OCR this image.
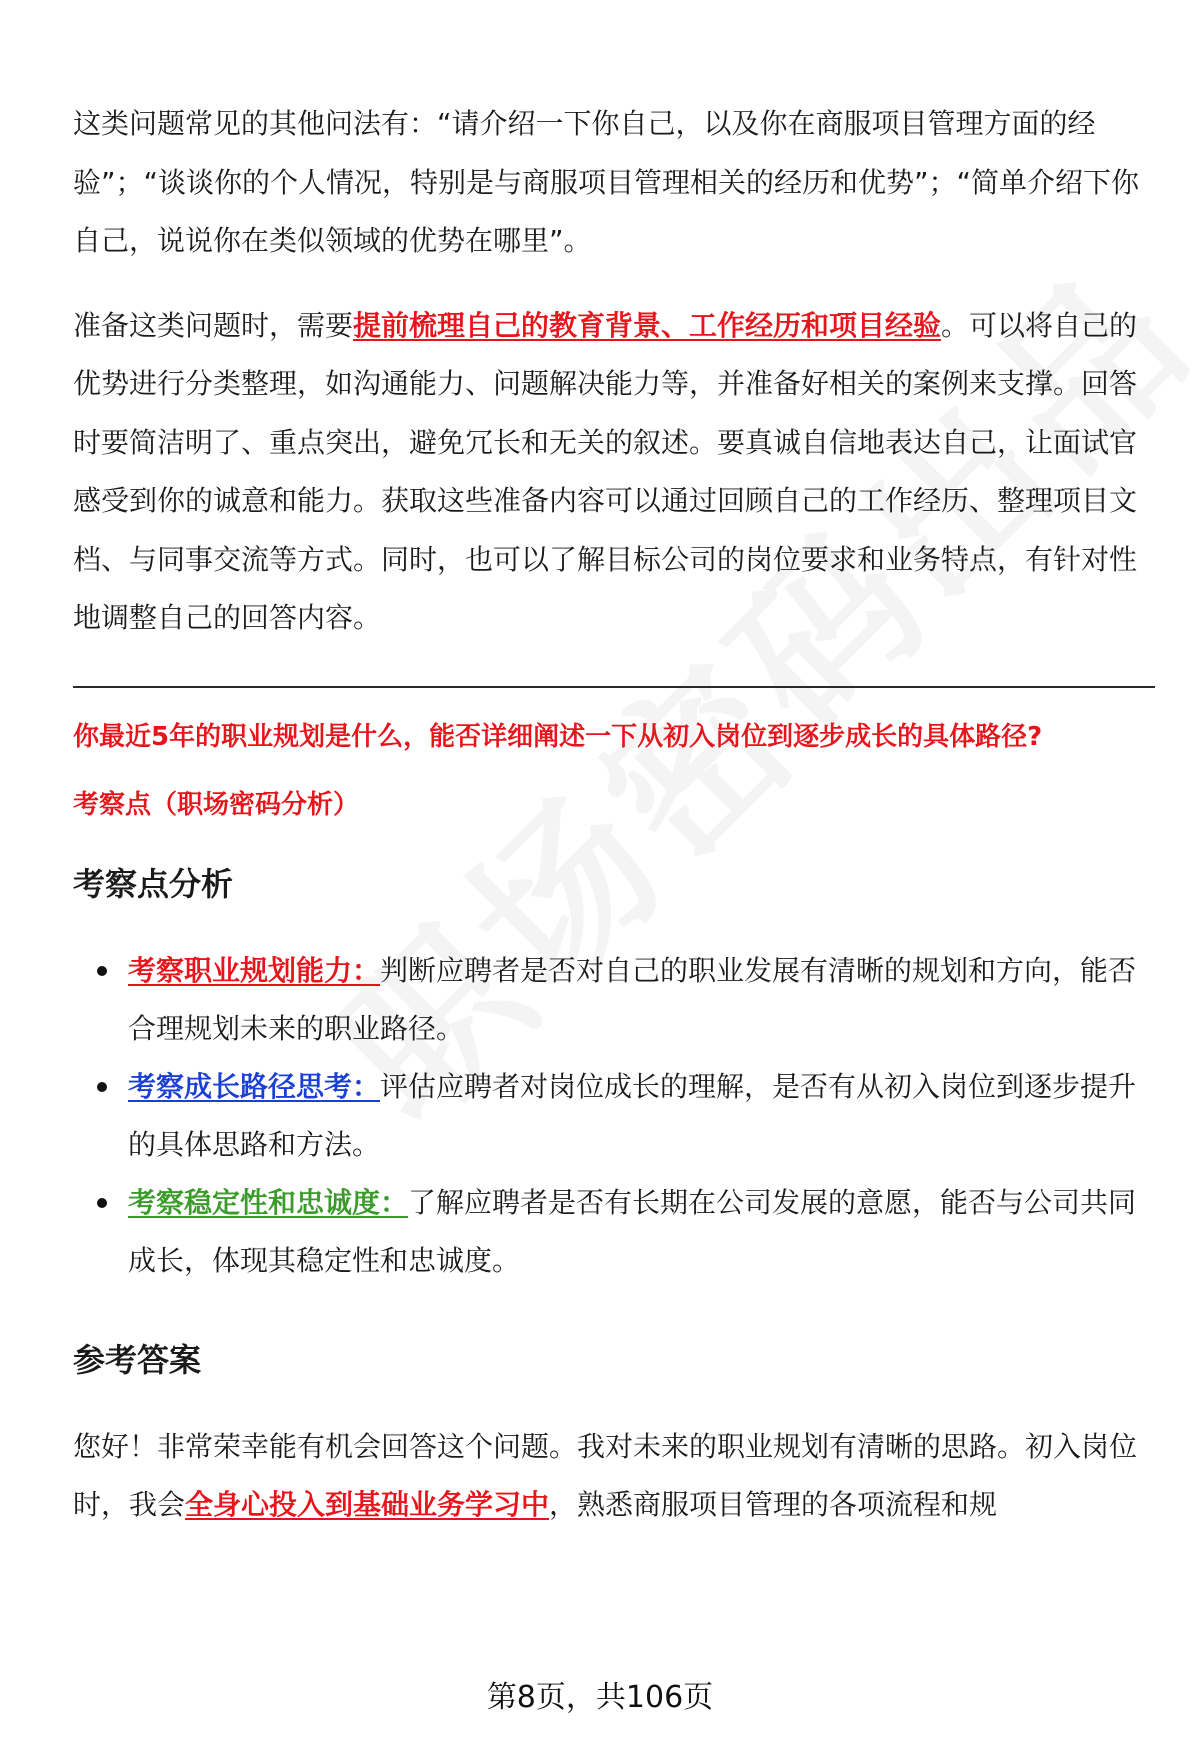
这类问题常见的其他问法有：“请介绍一下你自己，以及你在商服项目管理方面的经验”；“谈谈你的个人情况，特别是与商服项目管理相关的经历和优势”；“简单介绍下你自己，说说你在类似领域的优势在哪里”。

准备这类问题时，需要提前梳理自己的教育背景、工作经历和项目经验。可以将自己的优势进行分类整理，如沟通能力、问题解决能力等，并准备好相关的案例来支撑。回答时要简洁明了、重点突出，避免冗长和无关的叙述。要真诚自信地表达自己，让面试官感受到你的诚意和能力。获取这些准备内容可以通过回顾自己的工作经历、整理项目文档、与同事交流等方式。同时，也可以了解目标公司的岗位要求和业务特点，有针对性地调整自己的回答内容。

你最近5年的职业规划是什么，能否详细阐述一下从初入岗位到逐步成长的具体路径?

考察点（职场密码分析）

考察点分析
考察职业规划能力：判断应聘者是否对自己的职业发展有清晰的规划和方向，能否合理规划未来的职业路径。
考察成长路径思考：评估应聘者对岗位成长的理解，是否有从初入岗位到逐步提升的具体思路和方法。
考察稳定性和忠诚度：了解应聘者是否有长期在公司发展的意愿，能否与公司共同成长，体现其稳定性和忠诚度。
参考答案

您好！非常荣幸能有机会回答这个问题。我对未来的职业规划有清晰的思路。初入岗位时，我会全身心投入到基础业务学习中，熟悉商服项目管理的各项流程和规

第8页，共106页
